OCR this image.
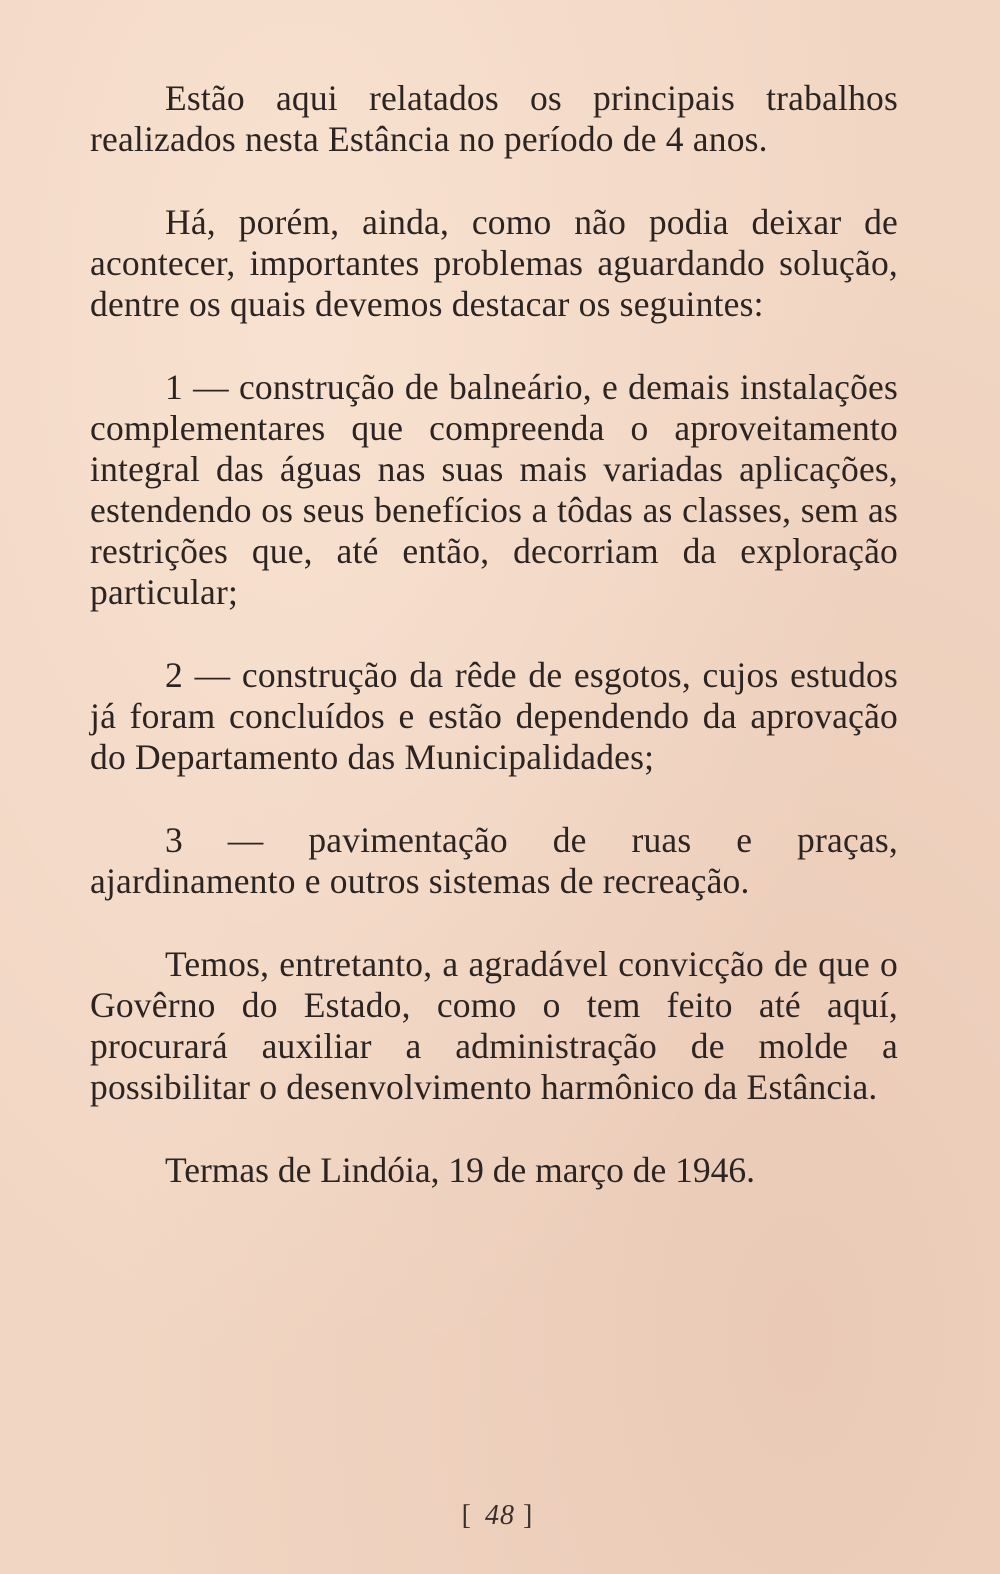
Estão aqui relatados os principais trabalhos realizados nesta Estância no período de 4 anos.

Há, porém, ainda, como não podia deixar de acontecer, importantes problemas aguardando solução, dentre os quais devemos destacar os seguintes:

1 — construção de balneário, e demais instalações complementares que compreenda o aproveitamento integral das águas nas suas mais variadas aplicações, estendendo os seus benefícios a tôdas as classes, sem as restrições que, até então, decorriam da exploração particular;

2 — construção da rêde de esgotos, cujos estudos já foram concluídos e estão dependendo da aprovação do Departamento das Municipalidades;

3 — pavimentação de ruas e praças, ajardinamento e outros sistemas de recreação.

Temos, entretanto, a agradável convicção de que o Govêrno do Estado, como o tem feito até aquí, procurará auxiliar a administração de molde a possibilitar o desenvolvimento harmônico da Estância.

Termas de Lindóia, 19 de março de 1946.

[ 48 ]
